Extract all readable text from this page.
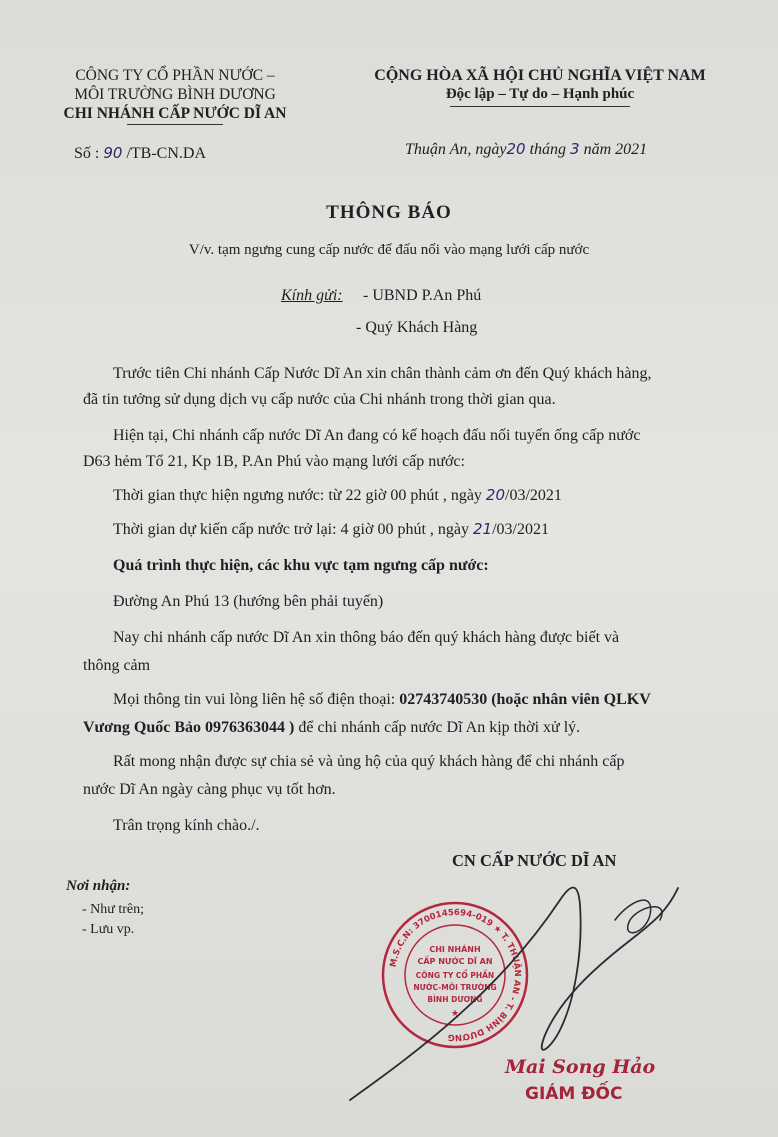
CÔNG TY CỔ PHẦN NƯỚC –
MÔI TRƯỜNG BÌNH DƯƠNG
CHI NHÁNH CẤP NƯỚC DĨ AN
CỘNG HÒA XÃ HỘI CHỦ NGHĨA VIỆT NAM
Độc lập – Tự do – Hạnh phúc
Số : 90 /TB-CN.DA	Thuận An, ngày20 tháng 3 năm 2021
THÔNG BÁO
V/v. tạm ngưng cung cấp nước để đấu nối vào mạng lưới cấp nước
Kính gửi: - UBND P.An Phú
- Quý Khách Hàng
Trước tiên Chi nhánh Cấp Nước Dĩ An xin chân thành cảm ơn đến Quý khách hàng,
đã tin tưởng sử dụng dịch vụ cấp nước của Chi nhánh trong thời gian qua.
Hiện tại, Chi nhánh cấp nước Dĩ An đang có kế hoạch đấu nối tuyến ống cấp nước
D63 hẻm Tổ 21, Kp 1B, P.An Phú vào mạng lưới cấp nước:
Thời gian thực hiện ngưng nước: từ 22 giờ 00 phút , ngày 20/03/2021
Thời gian dự kiến cấp nước trở lại: 4 giờ 00 phút , ngày 21/03/2021
Quá trình thực hiện, các khu vực tạm ngưng cấp nước:
Đường An Phú 13 (hướng bên phải tuyến)
Nay chi nhánh cấp nước Dĩ An xin thông báo đến quý khách hàng được biết và
thông cảm
Mọi thông tin vui lòng liên hệ số điện thoại: 02743740530 (hoặc nhân viên QLKV
Vương Quốc Bảo 0976363044 ) để chi nhánh cấp nước Dĩ An kịp thời xử lý.
Rất mong nhận được sự chia sẻ và ủng hộ của quý khách hàng để chi nhánh cấp
nước Dĩ An ngày càng phục vụ tốt hơn.
Trân trọng kính chào./.
Nơi nhận:
- Như trên;
- Lưu vp.
CN CẤP NƯỚC DĨ AN
M.S.C.N: 3700145694-019 ★ T. THUẬN AN - T. BÌNH DƯƠNG
CHI NHÁNH
CẤP NƯỚC DĨ AN
CÔNG TY CỔ PHẦN
NƯỚC-MÔI TRƯỜNG
BÌNH DƯƠNG
★
Mai Song Hảo
GIÁM ĐỐC
